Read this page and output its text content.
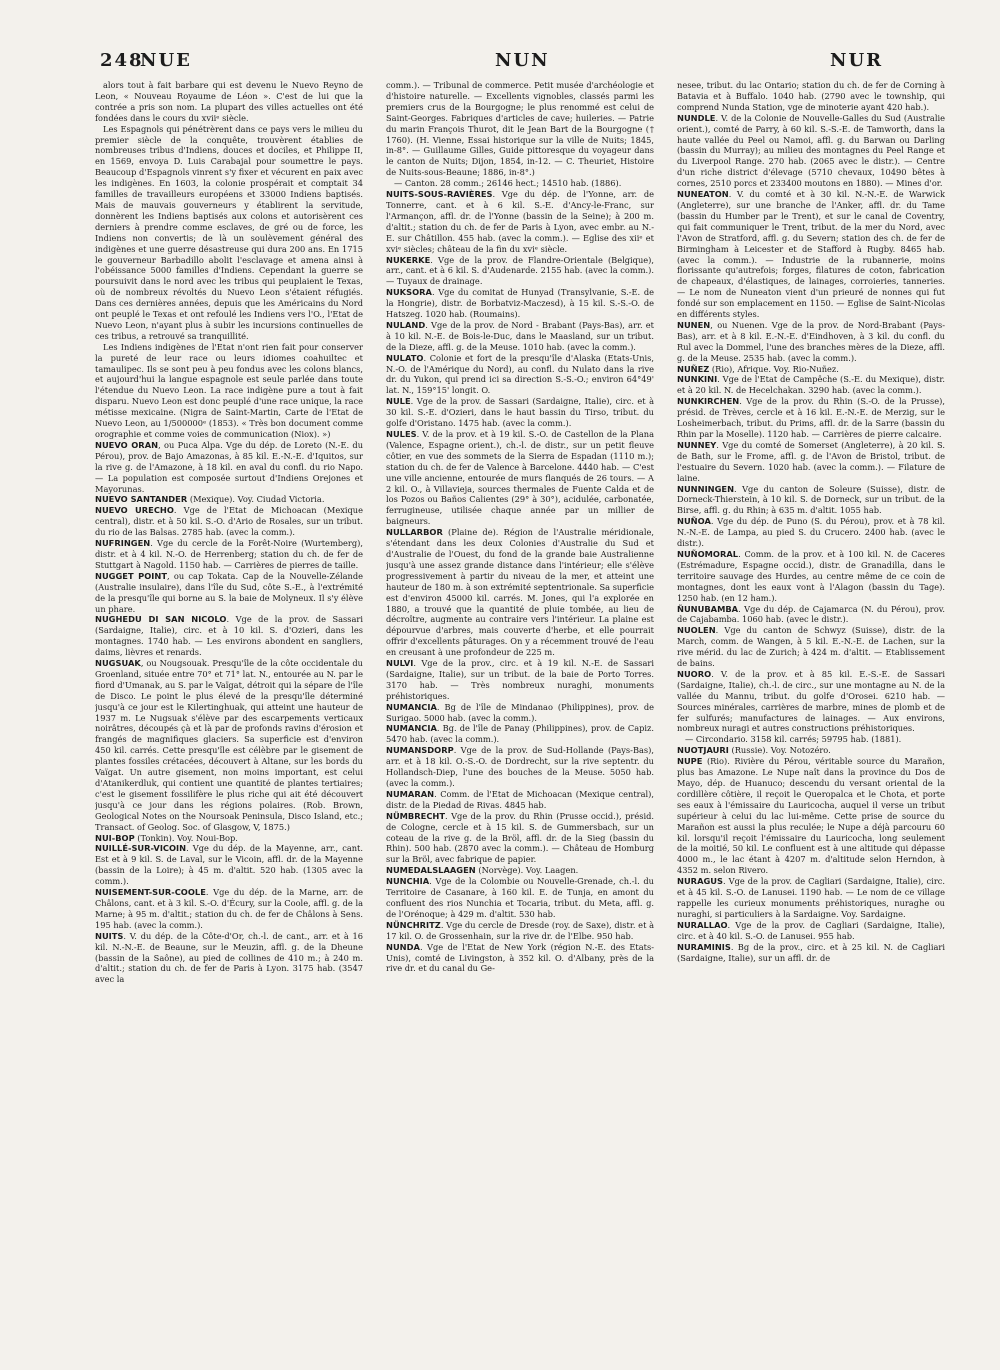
248
NUE	NUN	NUR

alors tout à fait barbare qui est devenu le Nuevo Reyno de Leon, « Nouveau Royaume de Léon ». C'est de lui que la contrée a pris son nom. La plupart des villes actuelles ont été fondées dans le cours du xviiᵉ siècle.

Les Espagnols qui pénétrèrent dans ce pays vers le milieu du premier siècle de la conquête, trouvèrent établies de nombreuses tribus d'Indiens, douces et dociles, et Philippe II, en 1569, envoya D. Luis Carabajal pour soumettre le pays. Beaucoup d'Espagnols vinrent s'y fixer et vécurent en paix avec les indigènes. En 1603, la colonie prospérait et comptait 34 familles de travailleurs européens et 33000 Indiens baptisés. Mais de mauvais gouverneurs y établirent la servitude, donnèrent les Indiens baptisés aux colons et autorisèrent ces derniers à prendre comme esclaves, de gré ou de force, les Indiens non convertis; de là un soulèvement général des indigènes et une guerre désastreuse qui dura 200 ans. En 1715 le gouverneur Barbadillo abolit l'esclavage et amena ainsi à l'obéissance 5000 familles d'Indiens. Cependant la guerre se poursuivit dans le nord avec les tribus qui peuplaient le Texas, où de nombreux révoltés du Nuevo Leon s'étaient réfugiés. Dans ces dernières années, depuis que les Américains du Nord ont peuplé le Texas et ont refoulé les Indiens vers l'O., l'Etat de Nuevo Leon, n'ayant plus à subir les incursions continuelles de ces tribus, a retrouvé sa tranquillité.

Les Indiens indigènes de l'Etat n'ont rien fait pour conserver la pureté de leur race ou leurs idiomes coahuiltec et tamaulipec. Ils se sont peu à peu fondus avec les colons blancs, et aujourd'hui la langue espagnole est seule parlée dans toute l'étendue du Nuevo Leon. La race indigène pure a tout à fait disparu. Nuevo Leon est donc peuplé d'une race unique, la race métisse mexicaine. (Nigra de Saint-Martin, Carte de l'Etat de Nuevo Leon, au 1/500000ᵉ (1853). « Très bon document comme orographie et comme voies de communication (Niox). »)

NUEVO ORAN, ou Puca Alpa. Vge du dép. de Loreto (N.-E. du Pérou), prov. de Bajo Amazonas, à 85 kil. E.-N.-E. d'Iquitos, sur la rive g. de l'Amazone, à 18 kil. en aval du confl. du rio Napo. — La population est composée surtout d'Indiens Orejones et Mayorunas.

NUEVO SANTANDER (Mexique). Voy. Ciudad Victoria.

NUEVO URECHO. Vge de l'Etat de Michoacan (Mexique central), distr. et à 50 kil. S.-O. d'Ario de Rosales, sur un tribut. du rio de las Balsas. 2785 hab. (avec la comm.).

NUFRINGEN. Vge du cercle de la Forêt-Noire (Wurtemberg), distr. et à 4 kil. N.-O. de Herrenberg; station du ch. de fer de Stuttgart à Nagold. 1150 hab. — Carrières de pierres de taille.

NUGGET POINT, ou cap Tokata. Cap de la Nouvelle-Zélande (Australie insulaire), dans l'île du Sud, côte S.-E., à l'extrémité de la presqu'île qui borne au S. la baie de Molyneux. Il s'y élève un phare.

NUGHEDU DI SAN NICOLO. Vge de la prov. de Sassari (Sardaigne, Italie), circ. et à 10 kil. S. d'Ozieri, dans les montagnes. 1740 hab. — Les environs abondent en sangliers, daims, lièvres et renards.

NUGSUAK, ou Nougsouak. Presqu'île de la côte occidentale du Groenland, située entre 70° et 71° lat. N., entourée au N. par le fiord d'Umanak, au S. par le Vaïgat, détroit qui la sépare de l'île de Disco. Le point le plus élevé de la presqu'île déterminé jusqu'à ce jour est le Kilertinghuak, qui atteint une hauteur de 1937 m. Le Nugsuak s'élève par des escarpements verticaux noirâtres, découpés çà et là par de profonds ravins d'érosion et frangés de magnifiques glaciers. Sa superficie est d'environ 450 kil. carrés. Cette presqu'île est célèbre par le gisement de plantes fossiles crétacées, découvert à Altane, sur les bords du Vaïgat. Un autre gisement, non moins important, est celui d'Atanikerdluk, qui contient une quantité de plantes tertiaires; c'est le gisement fossilifère le plus riche qui ait été découvert jusqu'à ce jour dans les régions polaires. (Rob. Brown, Geological Notes on the Noursoak Peninsula, Disco Island, etc.; Transact. of Geolog. Soc. of Glasgow, V, 1875.)

NUI-BOP (Tonkin). Voy. Noui-Bop.

NUILLÉ-SUR-VICOIN. Vge du dép. de la Mayenne, arr., cant. Est et à 9 kil. S. de Laval, sur le Vicoin, affl. dr. de la Mayenne (bassin de la Loire); à 45 m. d'altit. 520 hab. (1305 avec la comm.).

NUISEMENT-SUR-COOLE. Vge du dép. de la Marne, arr. de Châlons, cant. et à 3 kil. S.-O. d'Écury, sur la Coole, affl. g. de la Marne; à 95 m. d'altit.; station du ch. de fer de Châlons à Sens. 195 hab. (avec la comm.).

NUITS. V. du dép. de la Côte-d'Or, ch.-l. de cant., arr. et à 16 kil. N.-N.-E. de Beaune, sur le Meuzin, affl. g. de la Dheune (bassin de la Saône), au pied de collines de 410 m.; à 240 m. d'altit.; station du ch. de fer de Paris à Lyon. 3175 hab. (3547 avec la

comm.). — Tribunal de commerce. Petit musée d'archéologie et d'histoire naturelle. — Excellents vignobles, classés parmi les premiers crus de la Bourgogne; le plus renommé est celui de Saint-Georges. Fabriques d'articles de cave; huileries. — Patrie du marin François Thurot, dit le Jean Bart de la Bourgogne († 1760). (H. Vienne, Essai historique sur la ville de Nuits; 1845, in-8°. — Guillaume Gilles, Guide pittoresque du voyageur dans le canton de Nuits; Dijon, 1854, in-12. — C. Theuriet, Histoire de Nuits-sous-Beaune; 1886, in-8°.)

— Canton. 28 comm.; 26146 hect.; 14510 hab. (1886).

NUITS-SOUS-RAVIÈRES. Vge du dép. de l'Yonne, arr. de Tonnerre, cant. et à 6 kil. S.-E. d'Ancy-le-Franc, sur l'Armançon, affl. dr. de l'Yonne (bassin de la Seine); à 200 m. d'altit.; station du ch. de fer de Paris à Lyon, avec embr. au N.-E. sur Châtillon. 455 hab. (avec la comm.). — Eglise des xiiᵉ et xviᵉ siècles; château de la fin du xviᵉ siècle.

NUKERKE. Vge de la prov. de Flandre-Orientale (Belgique), arr., cant. et à 6 kil. S. d'Audenarde. 2155 hab. (avec la comm.). — Tuyaux de drainage.

NUKSORA. Vge du comitat de Hunyad (Transylvanie, S.-E. de la Hongrie), distr. de Borbatviz-Maczesd), à 15 kil. S.-S.-O. de Hatszeg. 1020 hab. (Roumains).

NULAND. Vge de la prov. de Nord - Brabant (Pays-Bas), arr. et à 10 kil. N.-E. de Bois-le-Duc, dans le Maasland, sur un tribut. de la Dieze, affl. g. de la Meuse. 1010 hab. (avec la comm.).

NULATO. Colonie et fort de la presqu'île d'Alaska (Etats-Unis, N.-O. de l'Amérique du Nord), au confl. du Nulato dans la rive dr. du Yukon, qui prend ici sa direction S.-S.-O.; environ 64°49' lat. N., 159°15' longit. O.

NULE. Vge de la prov. de Sassari (Sardaigne, Italie), circ. et à 30 kil. S.-E. d'Ozieri, dans le haut bassin du Tirso, tribut. du golfe d'Oristano. 1475 hab. (avec la comm.).

NULES. V. de la prov. et à 19 kil. S.-O. de Castellon de la Plana (Valence, Espagne orient.), ch.-l. de distr., sur un petit fleuve côtier, en vue des sommets de la Sierra de Espadan (1110 m.); station du ch. de fer de Valence à Barcelone. 4440 hab. — C'est une ville ancienne, entourée de murs flanqués de 26 tours. — A 2 kil. O., à Villavieja, sources thermales de Fuente Calda et de los Pozos ou Baños Calientes (29° à 30°), acidulée, carbonatée, ferrugineuse, utilisée chaque année par un millier de baigneurs.

NULLARBOR (Plaine de). Région de l'Australie méridionale, s'étendant dans les deux Colonies d'Australie du Sud et d'Australie de l'Ouest, du fond de la grande baie Australienne jusqu'à une assez grande distance dans l'intérieur; elle s'élève progressivement à partir du niveau de la mer, et atteint une hauteur de 180 m. à son extrémité septentrionale. Sa superficie est d'environ 45000 kil. carrés. M. Jones, qui l'a explorée en 1880, a trouvé que la quantité de pluie tombée, au lieu de décroître, augmente au contraire vers l'intérieur. La plaine est dépourvue d'arbres, mais couverte d'herbe, et elle pourrait offrir d'excellents pâturages. On y a récemment trouvé de l'eau en creusant à une profondeur de 225 m.

NULVI. Vge de la prov., circ. et à 19 kil. N.-E. de Sassari (Sardaigne, Italie), sur un tribut. de la baie de Porto Torres. 3170 hab. — Très nombreux nuraghi, monuments préhistoriques.

NUMANCIA. Bg de l'île de Mindanao (Philippines), prov. de Surigao. 5000 hab. (avec la comm.).

NUMANCIA. Bg. de l'île de Panay (Philippines), prov. de Capiz. 5470 hab. (avec la comm.).

NUMANSDORP. Vge de la prov. de Sud-Hollande (Pays-Bas), arr. et à 18 kil. O.-S.-O. de Dordrecht, sur la rive septentr. du Hollandsch-Diep, l'une des bouches de la Meuse. 5050 hab. (avec la comm.).

NUMARAN. Comm. de l'Etat de Michoacan (Mexique central), distr. de la Piedad de Rivas. 4845 hab.

NÜMBRECHT. Vge de la prov. du Rhin (Prusse occid.), présid. de Cologne, cercle et à 15 kil. S. de Gummersbach, sur un coteau de la rive g. de la Bröl, affl. dr. de la Sieg (bassin du Rhin). 500 hab. (2870 avec la comm.). — Château de Homburg sur la Bröl, avec fabrique de papier.

NUMEDALSLAAGEN (Norvège). Voy. Laagen.

NUNCHIA. Vge de la Colombie ou Nouvelle-Grenade, ch.-l. du Territoire de Casanare, à 160 kil. E. de Tunja, en amont du confluent des rios Nunchia et Tocaria, tribut. du Meta, affl. g. de l'Orénoque; à 429 m. d'altit. 530 hab.

NÜNCHRITZ. Vge du cercle de Dresde (roy. de Saxe), distr. et à 17 kil. O. de Grossenhain, sur la rive dr. de l'Elbe. 950 hab.

NUNDA. Vge de l'Etat de New York (région N.-E. des Etats-Unis), comté de Livingston, à 352 kil. O. d'Albany, près de la rive dr. et du canal du Ge-

nesee, tribut. du lac Ontario; station du ch. de fer de Corning à Batavia et à Buffalo. 1040 hab. (2790 avec le township, qui comprend Nunda Station, vge de minoterie ayant 420 hab.).

NUNDLE. V. de la Colonie de Nouvelle-Galles du Sud (Australie orient.), comté de Parry, à 60 kil. S.-S.-E. de Tamworth, dans la haute vallée du Peel ou Namoi, affl. g. du Barwan ou Darling (bassin du Murray); au milieu des montagnes du Peel Range et du Liverpool Range. 270 hab. (2065 avec le distr.). — Centre d'un riche district d'élevage (5710 chevaux, 10490 bêtes à cornes, 2510 porcs et 233400 moutons en 1880). — Mines d'or.

NUNEATON. V. du comté et à 30 kil. N.-N.-E. de Warwick (Angleterre), sur une branche de l'Anker, affl. dr. du Tame (bassin du Humber par le Trent), et sur le canal de Coventry, qui fait communiquer le Trent, tribut. de la mer du Nord, avec l'Avon de Stratford, affl. g. du Severn; station des ch. de fer de Birmingham à Leicester et de Stafford à Rugby. 8465 hab. (avec la comm.). — Industrie de la rubannerie, moins florissante qu'autrefois; forges, filatures de coton, fabrication de chapeaux, d'élastiques, de lainages, corroieries, tanneries. — Le nom de Nuneaton vient d'un prieuré de nonnes qui fut fondé sur son emplacement en 1150. — Eglise de Saint-Nicolas en différents styles.

NUNEN, ou Nuenen. Vge de la prov. de Nord-Brabant (Pays-Bas), arr. et à 8 kil. E.-N.-E. d'Eindhoven, à 3 kil. du confl. du Rul avec la Dommel, l'une des branches mères de la Dieze, affl. g. de la Meuse. 2535 hab. (avec la comm.).

NUÑEZ (Rio), Afrique. Voy. Rio-Nuñez.

NUNKINI. Vge de l'Etat de Campêche (S.-E. du Mexique), distr. et à 20 kil. N. de Hecelchakan. 3290 hab. (avec la comm.).

NUNKIRCHEN. Vge de la prov. du Rhin (S.-O. de la Prusse), présid. de Trèves, cercle et à 16 kil. E.-N.-E. de Merzig, sur le Losheimerbach, tribut. du Prims, affl. dr. de la Sarre (bassin du Rhin par la Moselle). 1120 hab. — Carrières de pierre calcaire.

NUNNEY. Vge du comté de Somerset (Angleterre), à 20 kil. S. de Bath, sur le Frome, affl. g. de l'Avon de Bristol, tribut. de l'estuaire du Severn. 1020 hab. (avec la comm.). — Filature de laine.

NUNNINGEN. Vge du canton de Soleure (Suisse), distr. de Dorneck-Thierstein, à 10 kil. S. de Dorneck, sur un tribut. de la Birse, affl. g. du Rhin; à 635 m. d'altit. 1055 hab.

NUÑOA. Vge du dép. de Puno (S. du Pérou), prov. et à 78 kil. N.-N.-E. de Lampa, au pied S. du Crucero. 2400 hab. (avec le distr.).

NUÑOMORAL. Comm. de la prov. et à 100 kil. N. de Caceres (Estrémadure, Espagne occid.), distr. de Granadilla, dans le territoire sauvage des Hurdes, au centre même de ce coin de montagnes, dont les eaux vont à l'Alagon (bassin du Tage). 1250 hab. (en 12 ham.).

ÑUNUBAMBA. Vge du dép. de Cajamarca (N. du Pérou), prov. de Cajabamba. 1060 hab. (avec le distr.).

NUOLEN. Vge du canton de Schwyz (Suisse), distr. de la March, comm. de Wangen, à 5 kil. E.-N.-E. de Lachen, sur la rive mérid. du lac de Zurich; à 424 m. d'altit. — Etablissement de bains.

NUORO. V. de la prov. et à 85 kil. E.-S.-E. de Sassari (Sardaigne, Italie), ch.-l. de circ., sur une montagne au N. de la vallée du Mannu, tribut. du golfe d'Orosei. 6210 hab. — Sources minérales, carrières de marbre, mines de plomb et de fer sulfurés; manufactures de lainages. — Aux environs, nombreux nuragi et autres constructions préhistoriques.

— Circondario. 3158 kil. carrés; 59795 hab. (1881).

NUOTJAURI (Russie). Voy. Notozéro.

NUPE (Rio). Rivière du Pérou, véritable source du Marañon, plus bas Amazone. Le Nupe naît dans la province du Dos de Mayo, dép. de Huanuco; descendu du versant oriental de la cordillère côtière, il reçoit le Queropalca et le Chota, et porte ses eaux à l'émissaire du Lauricocha, auquel il verse un tribut supérieur à celui du lac lui-même. Cette prise de source du Marañon est aussi la plus reculée; le Nupe a déjà parcouru 60 kil. lorsqu'il reçoit l'émissaire du Lauricocha, long seulement de la moitié, 50 kil. Le confluent est à une altitude qui dépasse 4000 m., le lac étant à 4207 m. d'altitude selon Herndon, à 4352 m. selon Rivero.

NURAGUS. Vge de la prov. de Cagliari (Sardaigne, Italie), circ. et à 45 kil. S.-O. de Lanusei. 1190 hab. — Le nom de ce village rappelle les curieux monuments préhistoriques, nuraghe ou nuraghi, si particuliers à la Sardaigne. Voy. Sardaigne.

NURALLAO. Vge de la prov. de Cagliari (Sardaigne, Italie), circ. et à 40 kil. S.-O. de Lanusei. 955 hab.

NURAMINIS. Bg de la prov., circ. et à 25 kil. N. de Cagliari (Sardaigne, Italie), sur un affl. dr. de
